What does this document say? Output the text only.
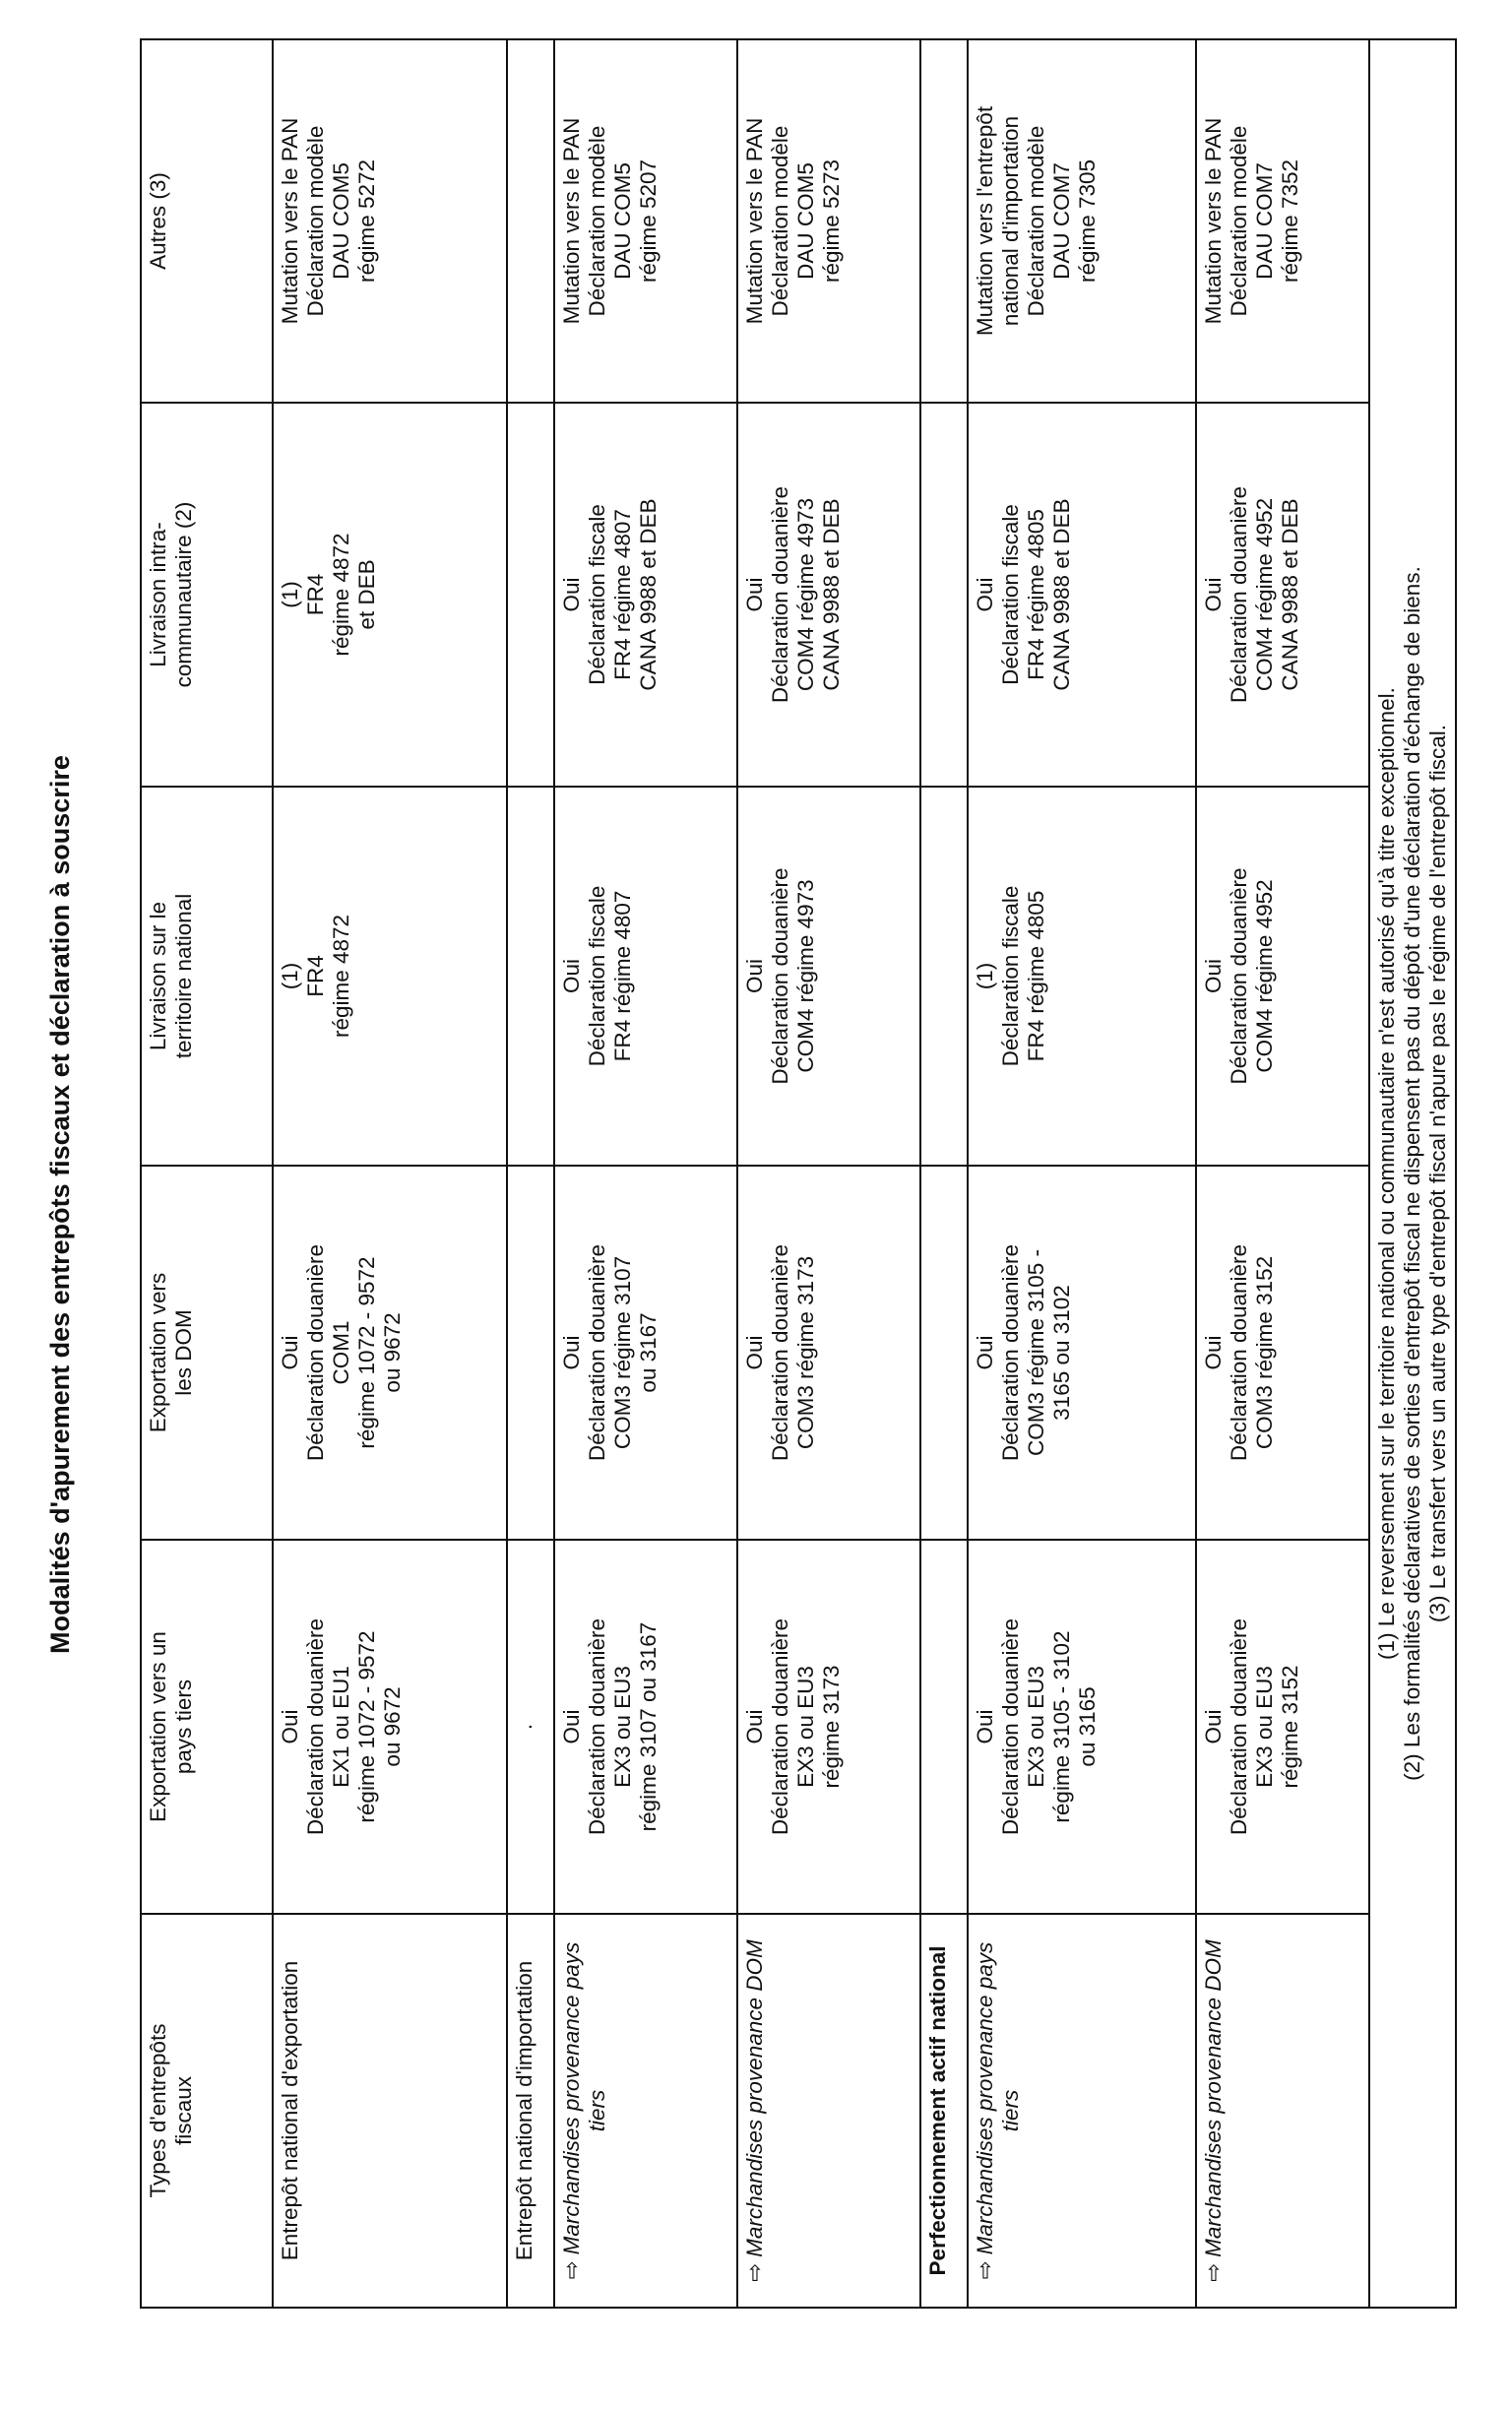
Modalités d'apurement des entrepôts fiscaux et déclaration à souscrire
Types d'entrepôts fiscaux	Exportation vers un pays tiers	Exportation vers les DOM	Livraison sur le territoire national	Livraison intra- communautaire (2)	Autres (3)

Entrepôt national d'exportation	Oui Déclaration douanière EX1 ou EU1 régime 1072 - 9572 ou 9672	Oui Déclaration douanière COM1 régime 1072 - 9572 ou 9672	(1) FR4 régime 4872	(1) FR4 régime 4872 et DEB	Mutation vers le PAN Déclaration modèle DAU COM5 régime 5272

Entrepôt national d'importation	.				
⇨Marchandises provenance pays tiers	Oui Déclaration douanière EX3 ou EU3 régime 3107 ou 3167	Oui Déclaration douanière COM3 régime 3107 ou 3167	Oui Déclaration fiscale FR4 régime 4807	Oui Déclaration fiscale FR4 régime 4807 CANA 9988 et DEB	Mutation vers le PAN Déclaration modèle DAU COM5 régime 5207

⇨Marchandises provenance DOM	Oui Déclaration douanière EX3 ou EU3 régime 3173	Oui Déclaration douanière COM3 régime 3173	Oui Déclaration douanière COM4 régime 4973	Oui Déclaration douanière COM4 régime 4973 CANA 9988 et DEB	Mutation vers le PAN Déclaration modèle DAU COM5 régime 5273

Perfectionnement actif national					
⇨Marchandises provenance pays tiers	Oui Déclaration douanière EX3 ou EU3 régime 3105 - 3102 ou 3165	Oui Déclaration douanière COM3 régime 3105 - 3165 ou 3102	(1) Déclaration fiscale FR4 régime 4805	Oui Déclaration fiscale FR4 régime 4805 CANA 9988 et DEB	Mutation vers l'entrepôt national d'importation Déclaration modèle DAU COM7 régime 7305

⇨Marchandises provenance DOM	Oui Déclaration douanière EX3 ou EU3 régime 3152	Oui Déclaration douanière COM3 régime 3152	Oui Déclaration douanière COM4 régime 4952	Oui Déclaration douanière COM4 régime 4952 CANA 9988 et DEB	Mutation vers le PAN Déclaration modèle DAU COM7 régime 7352

(1) Le reversement sur le territoire national ou communautaire n'est autorisé qu'à titre exceptionnel. (2) Les formalités déclaratives de sorties d'entrepôt fiscal ne dispensent pas du dépôt d'une déclaration d'échange de biens. (3) Le transfert vers un autre type d'entrepôt fiscal n'apure pas le régime de l'entrepôt fiscal.					
